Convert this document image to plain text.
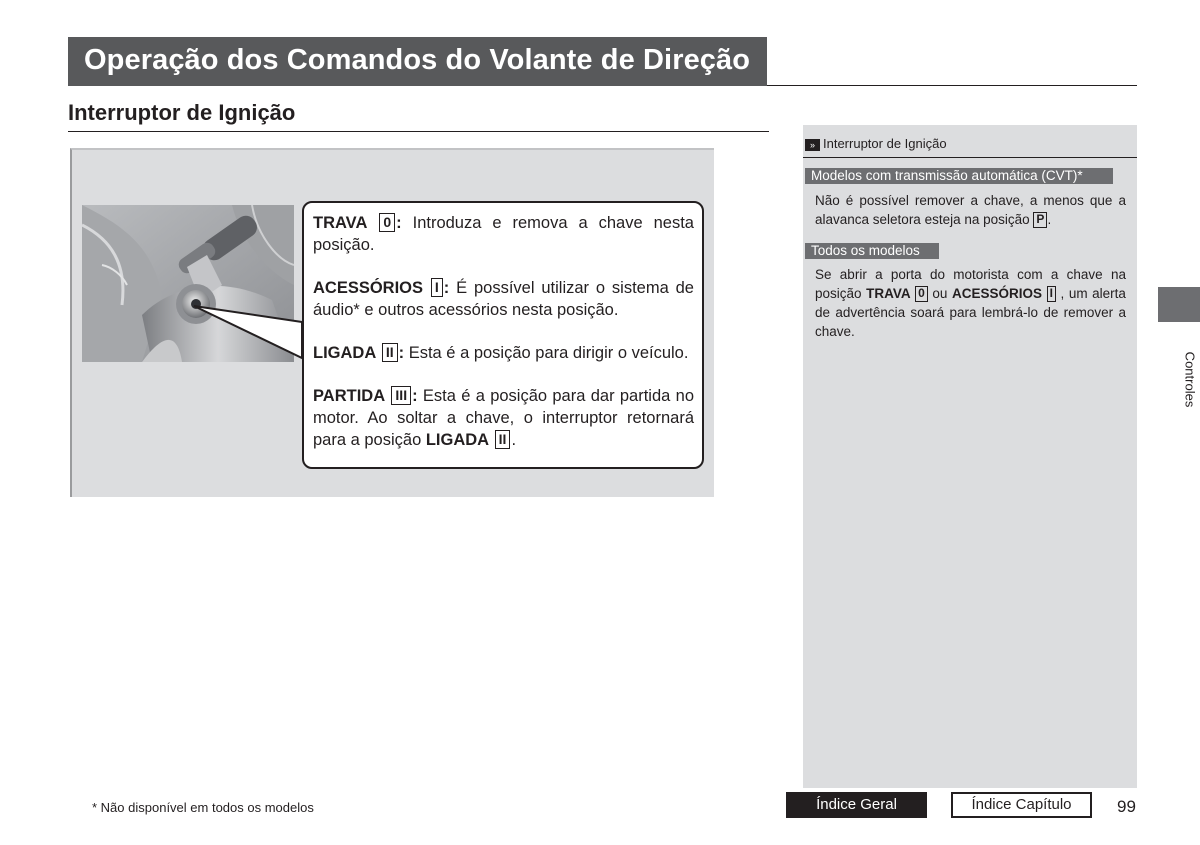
Operação dos Comandos do Volante de Direção
Interruptor de Ignição

TRAVA 0 : Introduza e remova a chave nesta posição.

ACESSÓRIOS I : É possível utilizar o sistema de áudio* e outros acessórios nesta posição.

LIGADA II : Esta é a posição para dirigir o veículo.

PARTIDA III : Esta é a posição para dar partida no motor. Ao soltar a chave, o interruptor retornará para a posição LIGADA II .

» Interruptor de Ignição
Modelos com transmissão automática (CVT)*
Não é possível remover a chave, a menos que a alavanca seletora esteja na posição P .
Todos os modelos
Se abrir a porta do motorista com a chave na posição TRAVA 0 ou ACESSÓRIOS I , um alerta de advertência soará para lembrá-lo de remover a chave.
Controles
* Não disponível em todos os modelos	Índice Geral	Índice Capítulo	99
